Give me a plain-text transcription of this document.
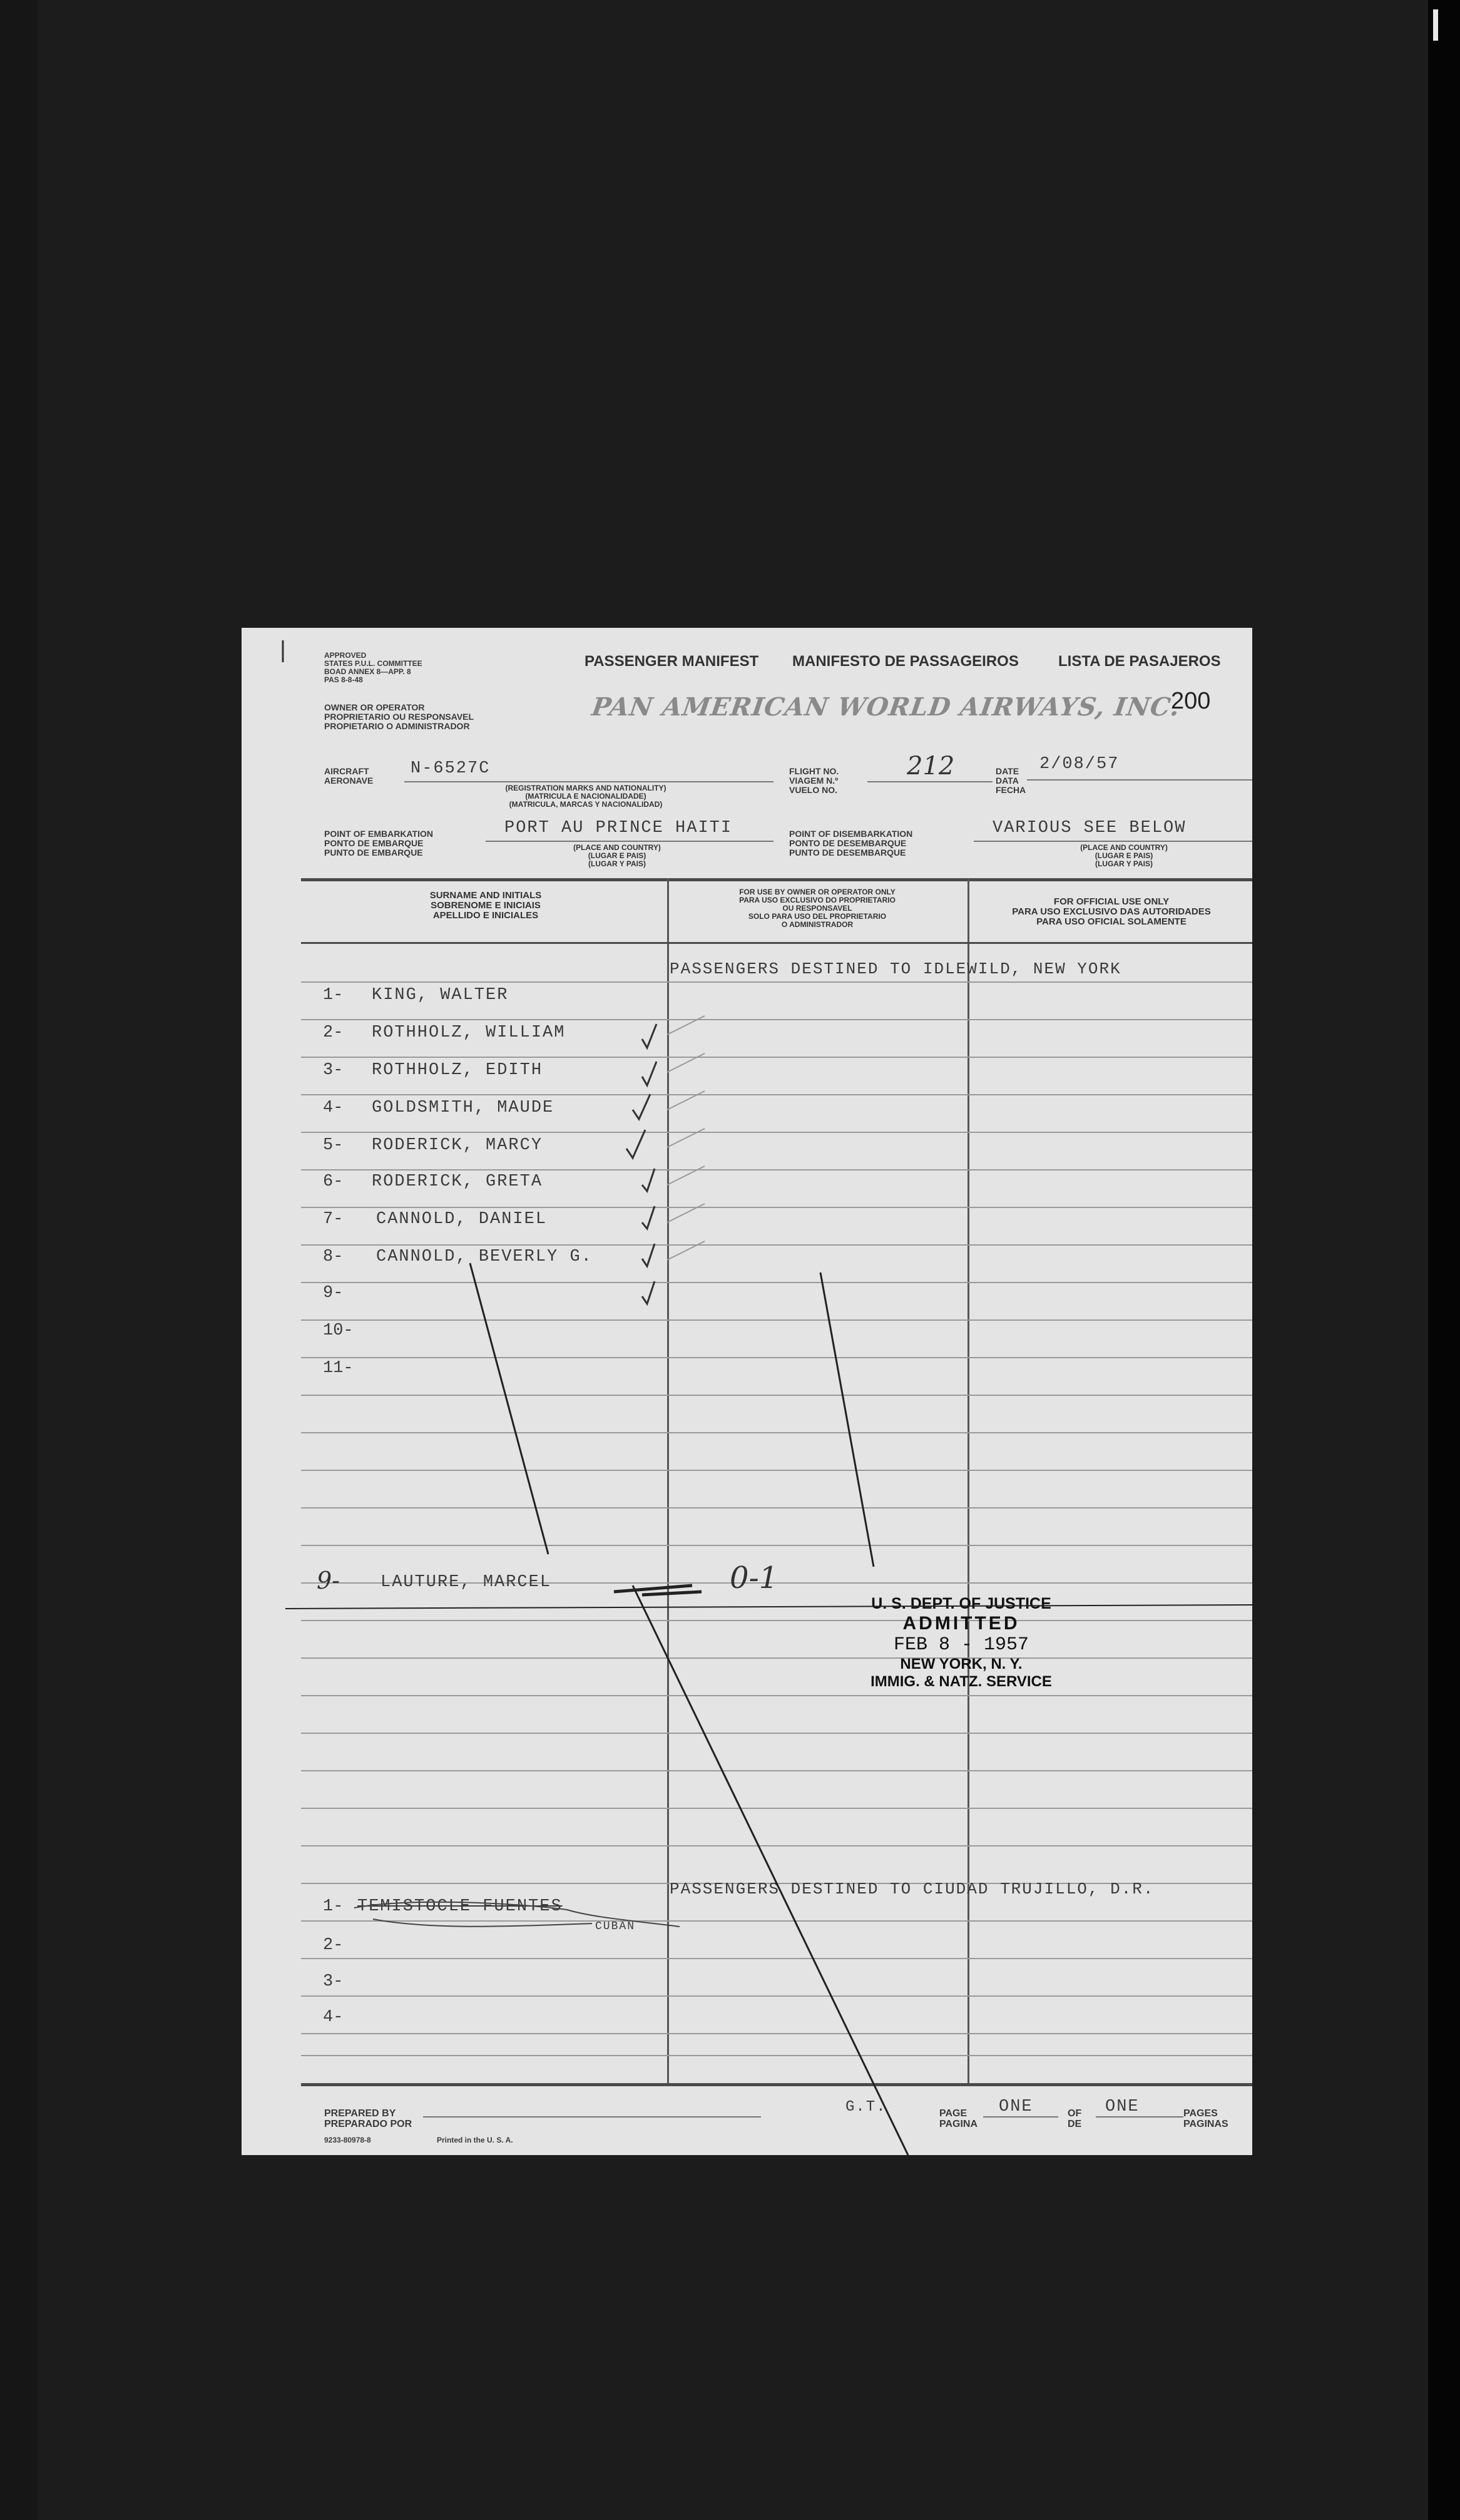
APPROVED
STATES P.U.L. COMMITTEE
BOAD ANNEX 8—APP. 8
PAS 8-8-48
OWNER OR OPERATOR
PROPRIETARIO OU RESPONSAVEL
PROPIETARIO O ADMINISTRADOR
PASSENGER MANIFEST MANIFESTO DE PASSAGEIROS	LISTA DE PASAJEROS
PAN AMERICAN WORLD AIRWAYS, INC.
200
AIRCRAFT
AERONAVE
N-6527C
(REGISTRATION MARKS AND NATIONALITY)
(MATRICULA E NACIONALIDADE)
(MATRICULA, MARCAS Y NACIONALIDAD)
FLIGHT NO.
VIAGEM N.º
VUELO NO.
212	DATE
DATA
FECHA
2/08/57
POINT OF EMBARKATION
PONTO DE EMBARQUE
PUNTO DE EMBARQUE
PORT AU PRINCE HAITI
(PLACE AND COUNTRY)
(LUGAR E PAIS)
(LUGAR Y PAIS)
POINT OF DISEMBARKATION
PONTO DE DESEMBARQUE
PUNTO DE DESEMBARQUE
VARIOUS SEE BELOW
(PLACE AND COUNTRY)
(LUGAR E PAIS)
(LUGAR Y PAIS)
SURNAME AND INITIALS
SOBRENOME E INICIAIS
APELLIDO E INICIALES
FOR USE BY OWNER OR OPERATOR ONLY
PARA USO EXCLUSIVO DO PROPRIETARIO
OU RESPONSAVEL
SOLO PARA USO DEL PROPRIETARIO
O ADMINISTRADOR
FOR OFFICIAL USE ONLY
PARA USO EXCLUSIVO DAS AUTORIDADES
PARA USO OFICIAL SOLAMENTE
PASSENGERS DESTINED TO IDLEWILD, NEW YORK
1- KING, WALTER
2- ROTHHOLZ, WILLIAM
3- ROTHHOLZ, EDITH
4- GOLDSMITH, MAUDE
5- RODERICK, MARCY
6- RODERICK, GRETA
7- CANNOLD, DANIEL
8- CANNOLD, BEVERLY G.
9-
10-
11-
9- LAUTURE, MARCEL	0-1
U. S. DEPT. OF JUSTICE
ADMITTED
FEB 8 - 1957
NEW YORK, N. Y.
IMMIG. & NATZ. SERVICE
PASSENGERS DESTINED TO CIUDAD TRUJILLO, D.R.
1- TEMISTOCLE FUENTES
CUBAN
2-
3-
4-
PREPARED BY
PREPARADO POR
9233-80978-8	Printed in the U. S. A.
G.T.	PAGE
PAGINA
ONE	OF
DE
ONE	PAGES
PAGINAS
